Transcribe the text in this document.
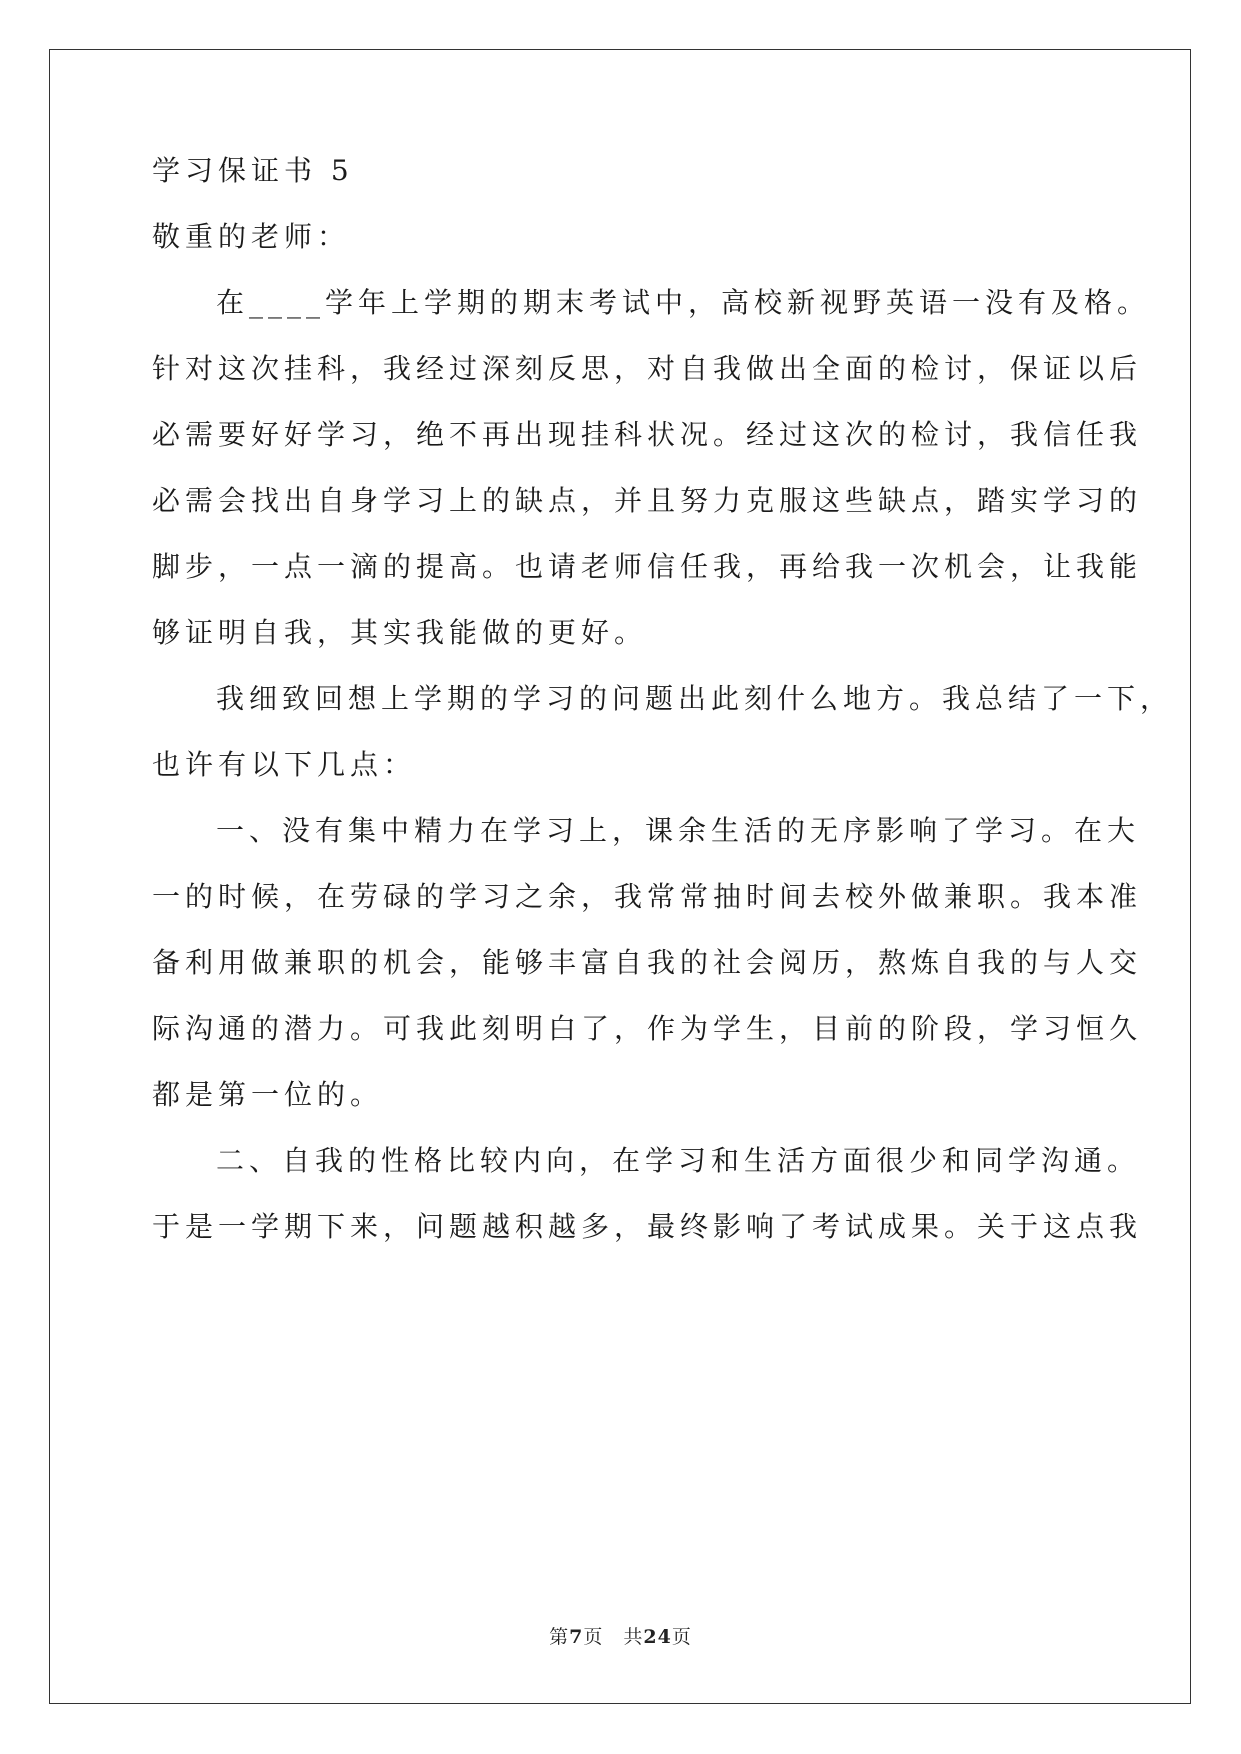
学习保证书 5
敬重的老师：
在____学年上学期的期末考试中，高校新视野英语一没有及格。
针对这次挂科，我经过深刻反思，对自我做出全面的检讨，保证以后
必需要好好学习，绝不再出现挂科状况。经过这次的检讨，我信任我
必需会找出自身学习上的缺点，并且努力克服这些缺点，踏实学习的
脚步，一点一滴的提高。也请老师信任我，再给我一次机会，让我能
够证明自我，其实我能做的更好。
我细致回想上学期的学习的问题出此刻什么地方。我总结了一下，
也许有以下几点：
一、没有集中精力在学习上，课余生活的无序影响了学习。在大
一的时候，在劳碌的学习之余，我常常抽时间去校外做兼职。我本准
备利用做兼职的机会，能够丰富自我的社会阅历，熬炼自我的与人交
际沟通的潜力。可我此刻明白了，作为学生，目前的阶段，学习恒久
都是第一位的。
二、自我的性格比较内向，在学习和生活方面很少和同学沟通。
于是一学期下来，问题越积越多，最终影响了考试成果。关于这点我
第7页　共24页
